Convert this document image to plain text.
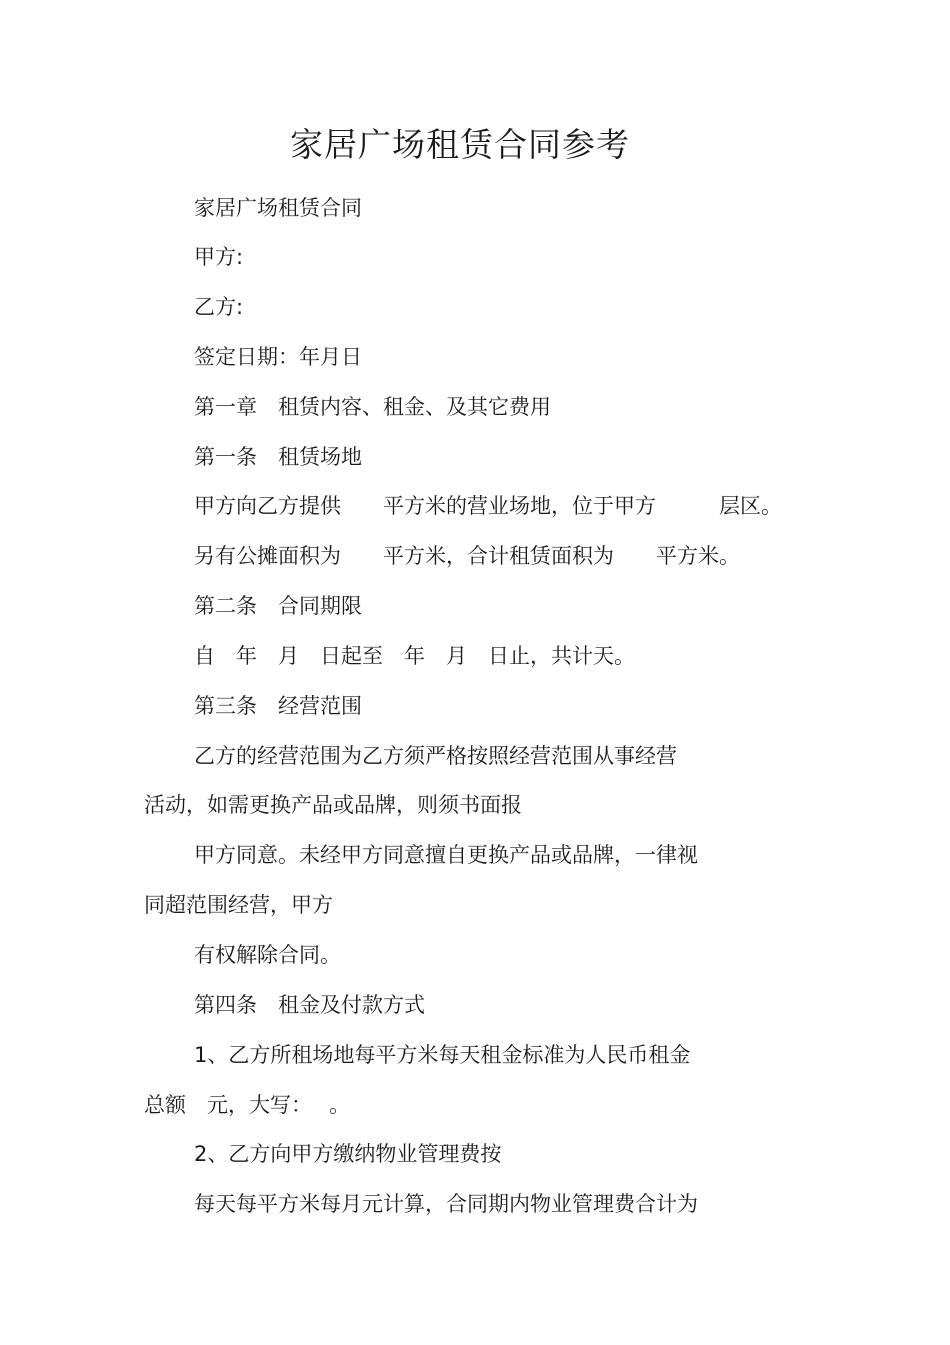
家居广场租赁合同参考
家居广场租赁合同
甲方:
乙方:
签定日期：年月日
第一章　租赁内容、租金、及其它费用
第一条　租赁场地
甲方向乙方提供　　平方米的营业场地，位于甲方　　　层区。
另有公摊面积为　　平方米，合计租赁面积为　　平方米。
第二条　合同期限
自　年　月　日起至　年　月　日止，共计天。
第三条　经营范围
乙方的经营范围为乙方须严格按照经营范围从事经营
活动，如需更换产品或品牌，则须书面报
甲方同意。未经甲方同意擅自更换产品或品牌，一律视
同超范围经营，甲方
有权解除合同。
第四条　租金及付款方式
1、乙方所租场地每平方米每天租金标准为人民币租金
总额　元，大写：　 。
2、乙方向甲方缴纳物业管理费按
每天每平方米每月元计算，合同期内物业管理费合计为
